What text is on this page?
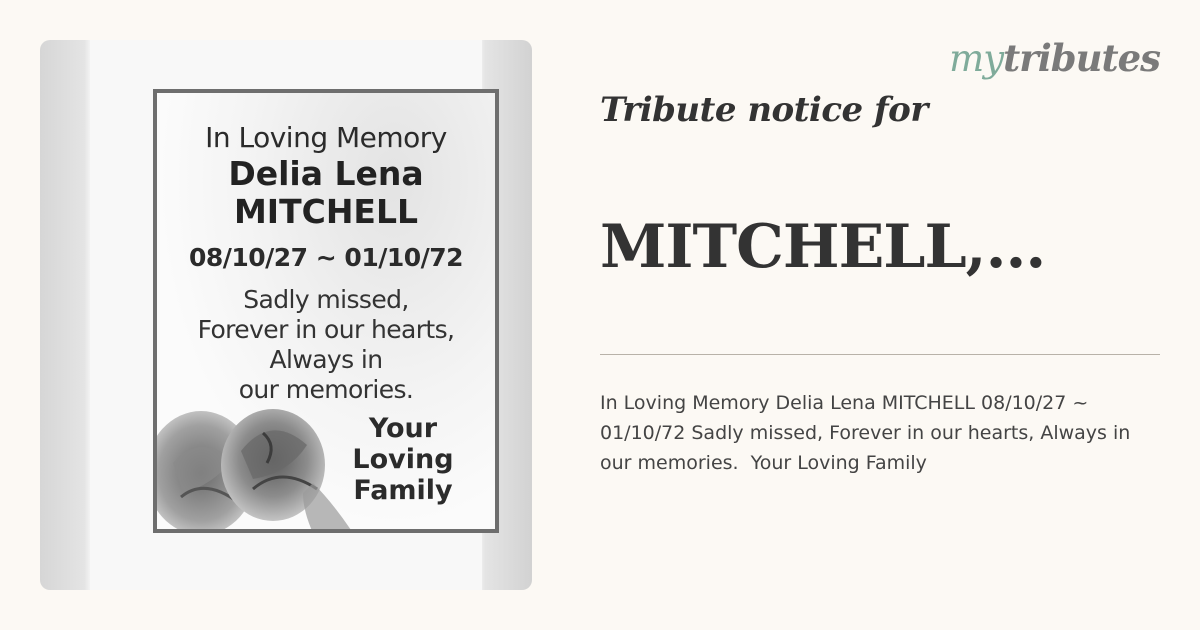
In Loving Memory

Delia Lena
MITCHELL

08/10/27 ~ 01/10/72

Sadly missed,
Forever in our hearts,
Always in
our memories.
Your
Loving
Family

mytributes

Tribute notice for
MITCHELL,...

In Loving Memory Delia Lena MITCHELL 08/10/27 ~ 01/10/72 Sadly missed, Forever in our hearts, Always in our memories.  Your Loving Family
